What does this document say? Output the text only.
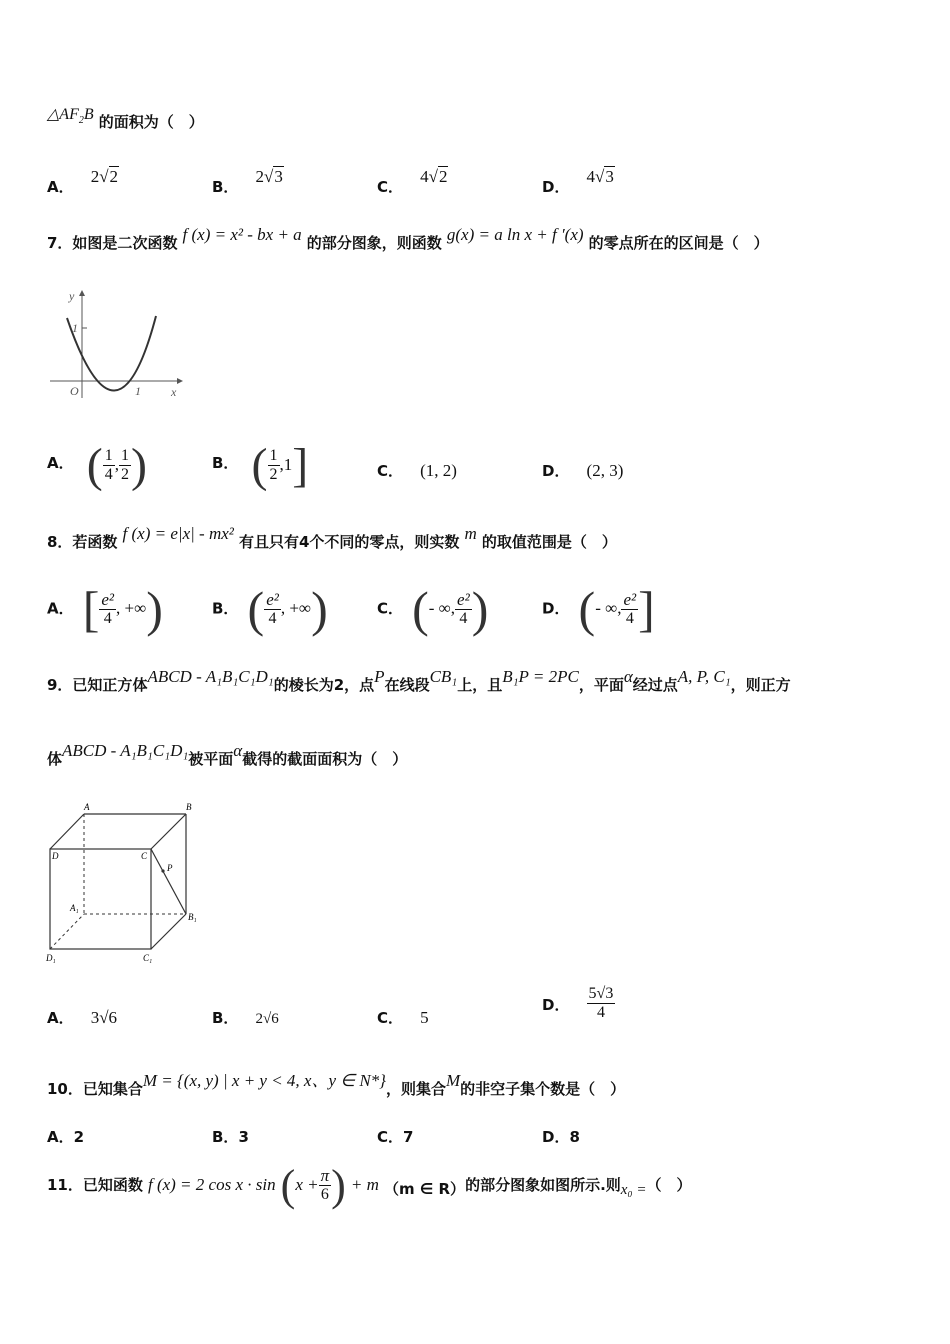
$\triangle AF_2B$ 的面积为（　）
A． 2√2
B． 2√3
C． 4√2
D． 4√3
7．如图是二次函数 f (x) = x² - bx + a 的部分图象，则函数 g(x) = a ln x + f ′(x) 的零点所在的区间是（　）
y
x
O
1
1
A． ( $\frac{1}{4}$ , $\frac{1}{2}$ )	B． ( $\frac{1}{2} ,1$]	C． (1, 2)	D． (2, 3)
8．若函数 f (x) = e|x| - mx² 有且只有4个不同的零点，则实数 m 的取值范围是（　）
A． [ $\frac{\text{e²}}{4}$ , +∞)	B． ( $\frac{\text{e²}}{4}$ , +∞)	C． (- ∞, $\frac{\text{e²}}{4}$ )	D． (- ∞, $\frac{\text{e²}}{4}$ ]
9．已知正方体ABCD - A₁B₁C₁D₁的棱长为2，点P在线段CB₁上，且B₁P = 2PC，平面α经过点A, P, C₁，则正方
体ABCD - A₁B₁C₁D₁被平面α截得的截面面积为（　）
A	B
C
D
P
A₁
B₁
C₁
D₁
A． 3√6	B． 2√6	C． 5
D． $\frac{5√3}{4}$
10．已知集合M = {(x, y) | x + y < 4, x、y ∈ N*}，则集合M的非空子集个数是（　）
A．2	B．3	C．7	D．8
11．已知函数 f (x) = 2 $\cos x \cdot \sin (x + \frac{\pi}{6}$ ) + m （m ∈ R）的部分图象如图所示.则x₀ =（　）
